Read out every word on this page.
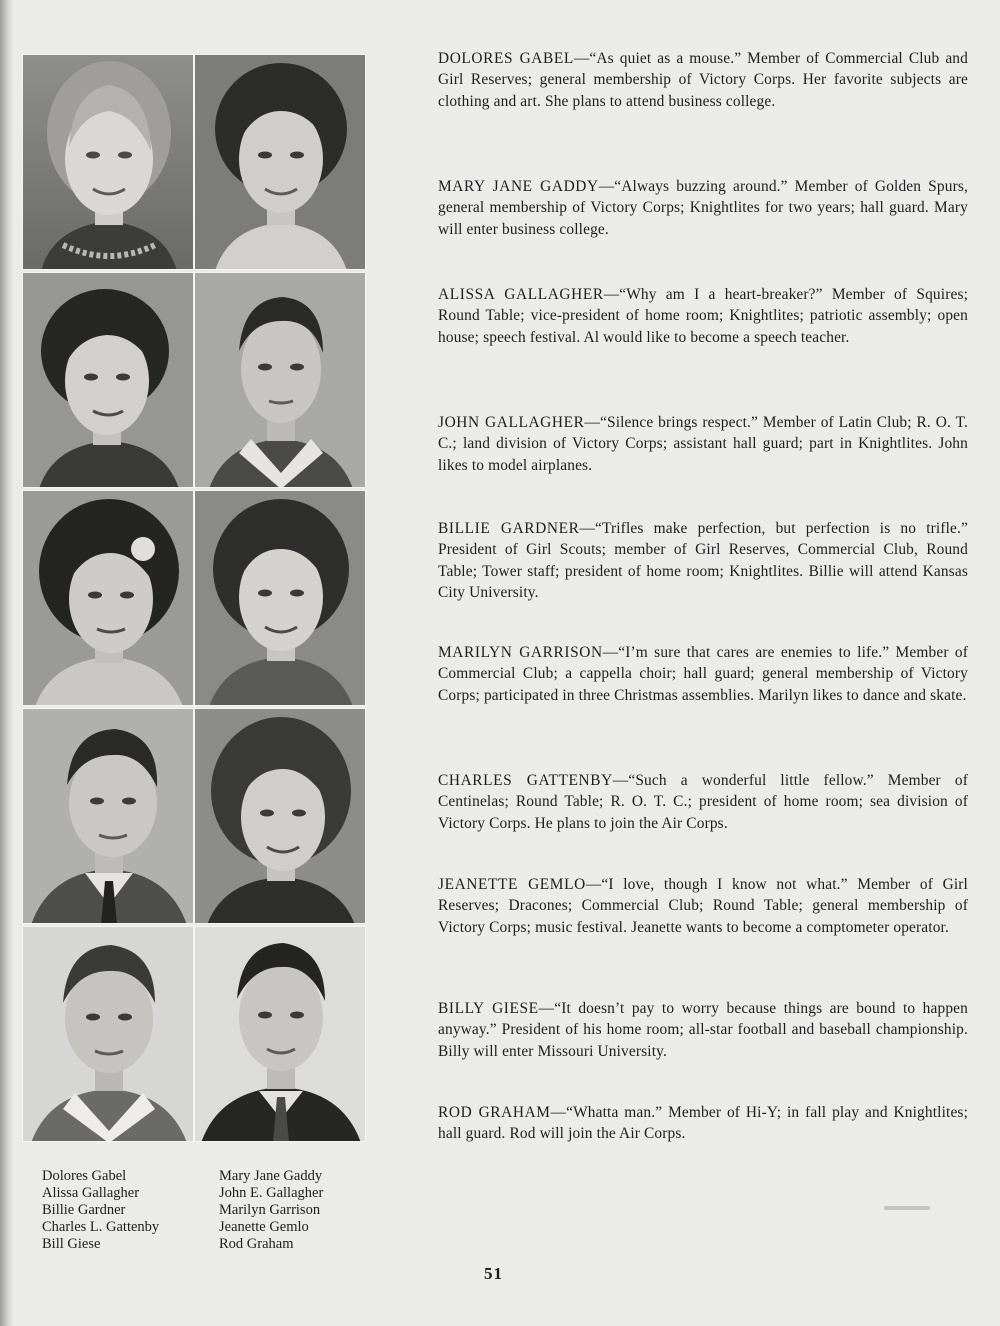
Dolores Gabel
Alissa Gallagher
Billie Gardner
Charles L. Gattenby
Bill Giese
Mary Jane Gaddy
John E. Gallagher
Marilyn Garrison
Jeanette Gemlo
Rod Graham

DOLORES GABEL—“As quiet as a mouse.” Member of Commercial Club and Girl Reserves; general membership of Victory Corps. Her favorite subjects are clothing and art. She plans to attend business college.

MARY JANE GADDY—“Always buzzing around.” Member of Golden Spurs, general membership of Victory Corps; Knightlites for two years; hall guard. Mary will enter business college.

ALISSA GALLAGHER—“Why am I a heart-breaker?” Member of Squires; Round Table; vice-president of home room; Knightlites; patriotic assembly; open house; speech festival. Al would like to become a speech teacher.

JOHN GALLAGHER—“Silence brings respect.” Member of Latin Club; R. O. T. C.; land division of Victory Corps; assistant hall guard; part in Knightlites. John likes to model airplanes.

BILLIE GARDNER—“Trifles make perfection, but perfection is no trifle.” President of Girl Scouts; member of Girl Reserves, Commercial Club, Round Table; Tower staff; president of home room; Knightlites. Billie will attend Kansas City University.

MARILYN GARRISON—“I’m sure that cares are enemies to life.” Member of Commercial Club; a cappella choir; hall guard; general membership of Victory Corps; participated in three Christmas assemblies. Marilyn likes to dance and skate.

CHARLES GATTENBY—“Such a wonderful little fellow.” Member of Centinelas; Round Table; R. O. T. C.; president of home room; sea division of Victory Corps. He plans to join the Air Corps.

JEANETTE GEMLO—“I love, though I know not what.” Member of Girl Reserves; Dracones; Commercial Club; Round Table; general membership of Victory Corps; music festival. Jeanette wants to become a comptometer operator.

BILLY GIESE—“It doesn’t pay to worry because things are bound to happen anyway.” President of his home room; all-star football and baseball championship. Billy will enter Missouri University.

ROD GRAHAM—“Whatta man.” Member of Hi-Y; in fall play and Knightlites; hall guard. Rod will join the Air Corps.

51
